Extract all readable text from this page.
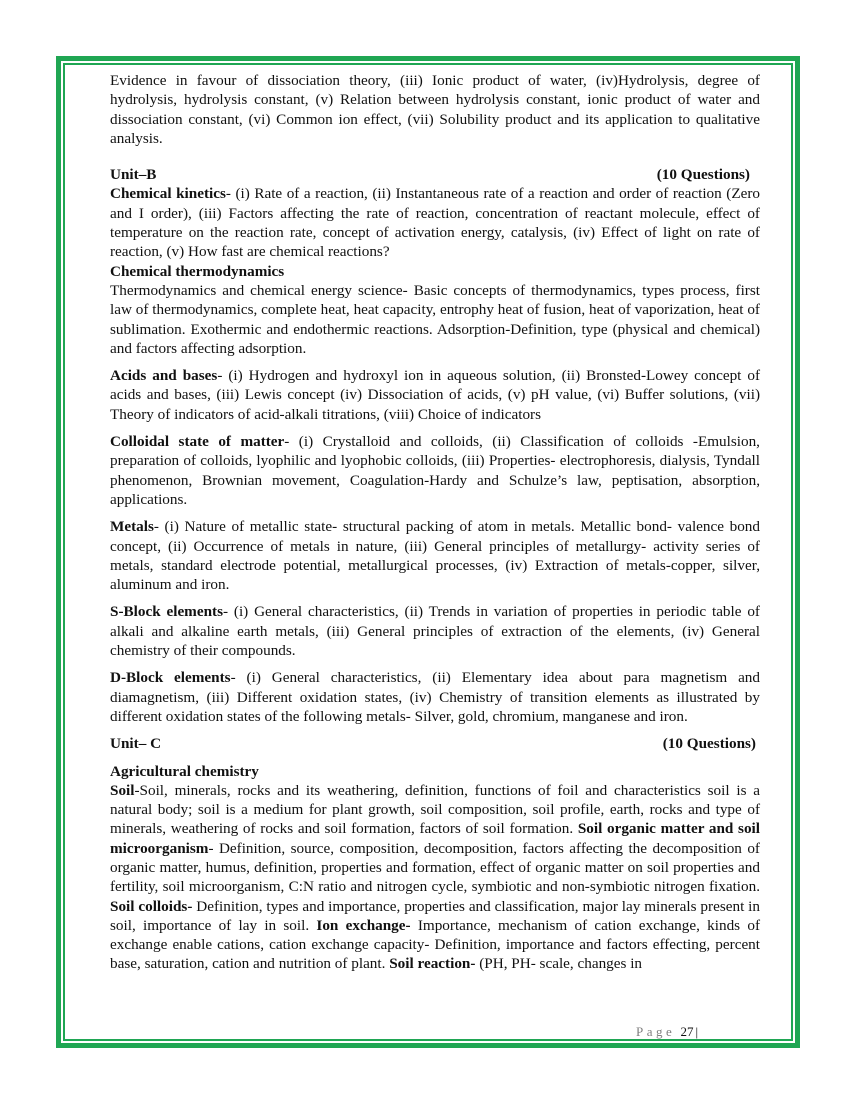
Evidence in favour of dissociation theory, (iii) Ionic product of water, (iv)Hydrolysis, degree of hydrolysis, hydrolysis constant, (v) Relation between hydrolysis constant, ionic product of water and dissociation constant, (vi) Common ion effect, (vii) Solubility product and its application to qualitative analysis.

Unit–B	(10 Questions)

Chemical kinetics- (i) Rate of a reaction, (ii) Instantaneous rate of a reaction and order of reaction (Zero and I order), (iii) Factors affecting the rate of reaction, concentration of reactant molecule, effect of temperature on the reaction rate, concept of activation energy, catalysis, (iv) Effect of light on rate of reaction, (v) How fast are chemical reactions?

Chemical thermodynamics

Thermodynamics and chemical energy science- Basic concepts of thermodynamics, types process, first law of thermodynamics, complete heat, heat capacity, entrophy heat of fusion, heat of vaporization, heat of sublimation. Exothermic and endothermic reactions. Adsorption-Definition, type (physical and chemical) and factors affecting adsorption.

Acids and bases- (i) Hydrogen and hydroxyl ion in aqueous solution, (ii) Bronsted-Lowey concept of acids and bases, (iii) Lewis concept (iv) Dissociation of acids, (v) pH value, (vi) Buffer solutions, (vii) Theory of indicators of acid-alkali titrations, (viii) Choice of indicators

Colloidal state of matter- (i) Crystalloid and colloids, (ii) Classification of colloids -Emulsion, preparation of colloids, lyophilic and lyophobic colloids, (iii) Properties- electrophoresis, dialysis, Tyndall phenomenon, Brownian movement, Coagulation-Hardy and Schulze’s law, peptisation, absorption, applications.

Metals- (i) Nature of metallic state- structural packing of atom in metals. Metallic bond- valence bond concept, (ii) Occurrence of metals in nature, (iii) General principles of metallurgy- activity series of metals, standard electrode potential, metallurgical processes, (iv) Extraction of metals-copper, silver, aluminum and iron.

S-Block elements- (i) General characteristics, (ii) Trends in variation of properties in periodic table of alkali and alkaline earth metals, (iii) General principles of extraction of the elements, (iv) General chemistry of their compounds.

D-Block elements- (i) General characteristics, (ii) Elementary idea about para magnetism and diamagnetism, (iii) Different oxidation states, (iv) Chemistry of transition elements as illustrated by different oxidation states of the following metals- Silver, gold, chromium, manganese and iron.

Unit– C	(10 Questions)

Agricultural chemistry

Soil-Soil, minerals, rocks and its weathering, definition, functions of foil and characteristics soil is a natural body; soil is a medium for plant growth, soil composition, soil profile, earth, rocks and type of minerals, weathering of rocks and soil formation, factors of soil formation. Soil organic matter and soil microorganism- Definition, source, composition, decomposition, factors affecting the decomposition of organic matter, humus, definition, properties and formation, effect of organic matter on soil properties and fertility, soil microorganism, C:N ratio and nitrogen cycle, symbiotic and non-symbiotic nitrogen fixation. Soil colloids- Definition, types and importance, properties and classification, major lay minerals present in soil, importance of lay in soil. Ion exchange- Importance, mechanism of cation exchange, kinds of exchange enable cations, cation exchange capacity- Definition, importance and factors effecting, percent base, saturation, cation and nutrition of plant. Soil reaction- (PH, PH- scale, changes in

Page 27 |
